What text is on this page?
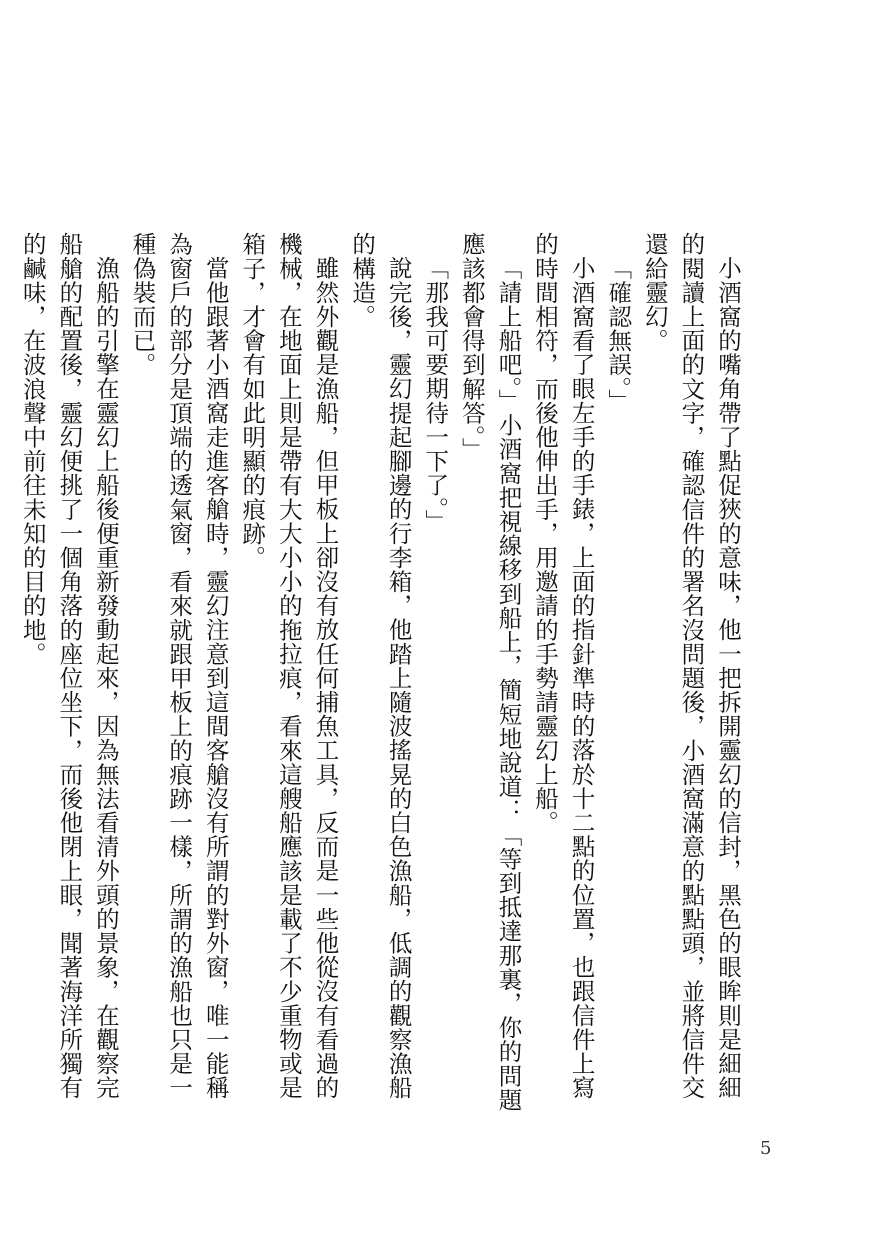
小酒窩的嘴角帶了點促狹的意味，他一把拆開靈幻的信封，黑色的眼眸則是細細的閱讀上面的文字，確認信件的署名沒問題後，小酒窩滿意的點點頭，並將信件交還給靈幻。

「確認無誤。」

小酒窩看了眼左手的手錶，上面的指針準時的落於十二點的位置，也跟信件上寫的時間相符，而後他伸出手，用邀請的手勢請靈幻上船。

「請上船吧。」小酒窩把視線移到船上，簡短地說道：「等到抵達那裏，你的問題應該都會得到解答。」

「那我可要期待一下了。」

說完後，靈幻提起腳邊的行李箱，他踏上隨波搖晃的白色漁船，低調的觀察漁船的構造。

雖然外觀是漁船，但甲板上卻沒有放任何捕魚工具，反而是一些他從沒有看過的機械，在地面上則是帶有大大小小的拖拉痕，看來這艘船應該是載了不少重物或是箱子，才會有如此明顯的痕跡。

當他跟著小酒窩走進客艙時，靈幻注意到這間客艙沒有所謂的對外窗，唯一能稱為窗戶的部分是頂端的透氣窗，看來就跟甲板上的痕跡一樣，所謂的漁船也只是一種偽裝而已。

漁船的引擎在靈幻上船後便重新發動起來，因為無法看清外頭的景象，在觀察完船艙的配置後，靈幻便挑了一個角落的座位坐下，而後他閉上眼，聞著海洋所獨有的鹹味，在波浪聲中前往未知的目的地。

5
